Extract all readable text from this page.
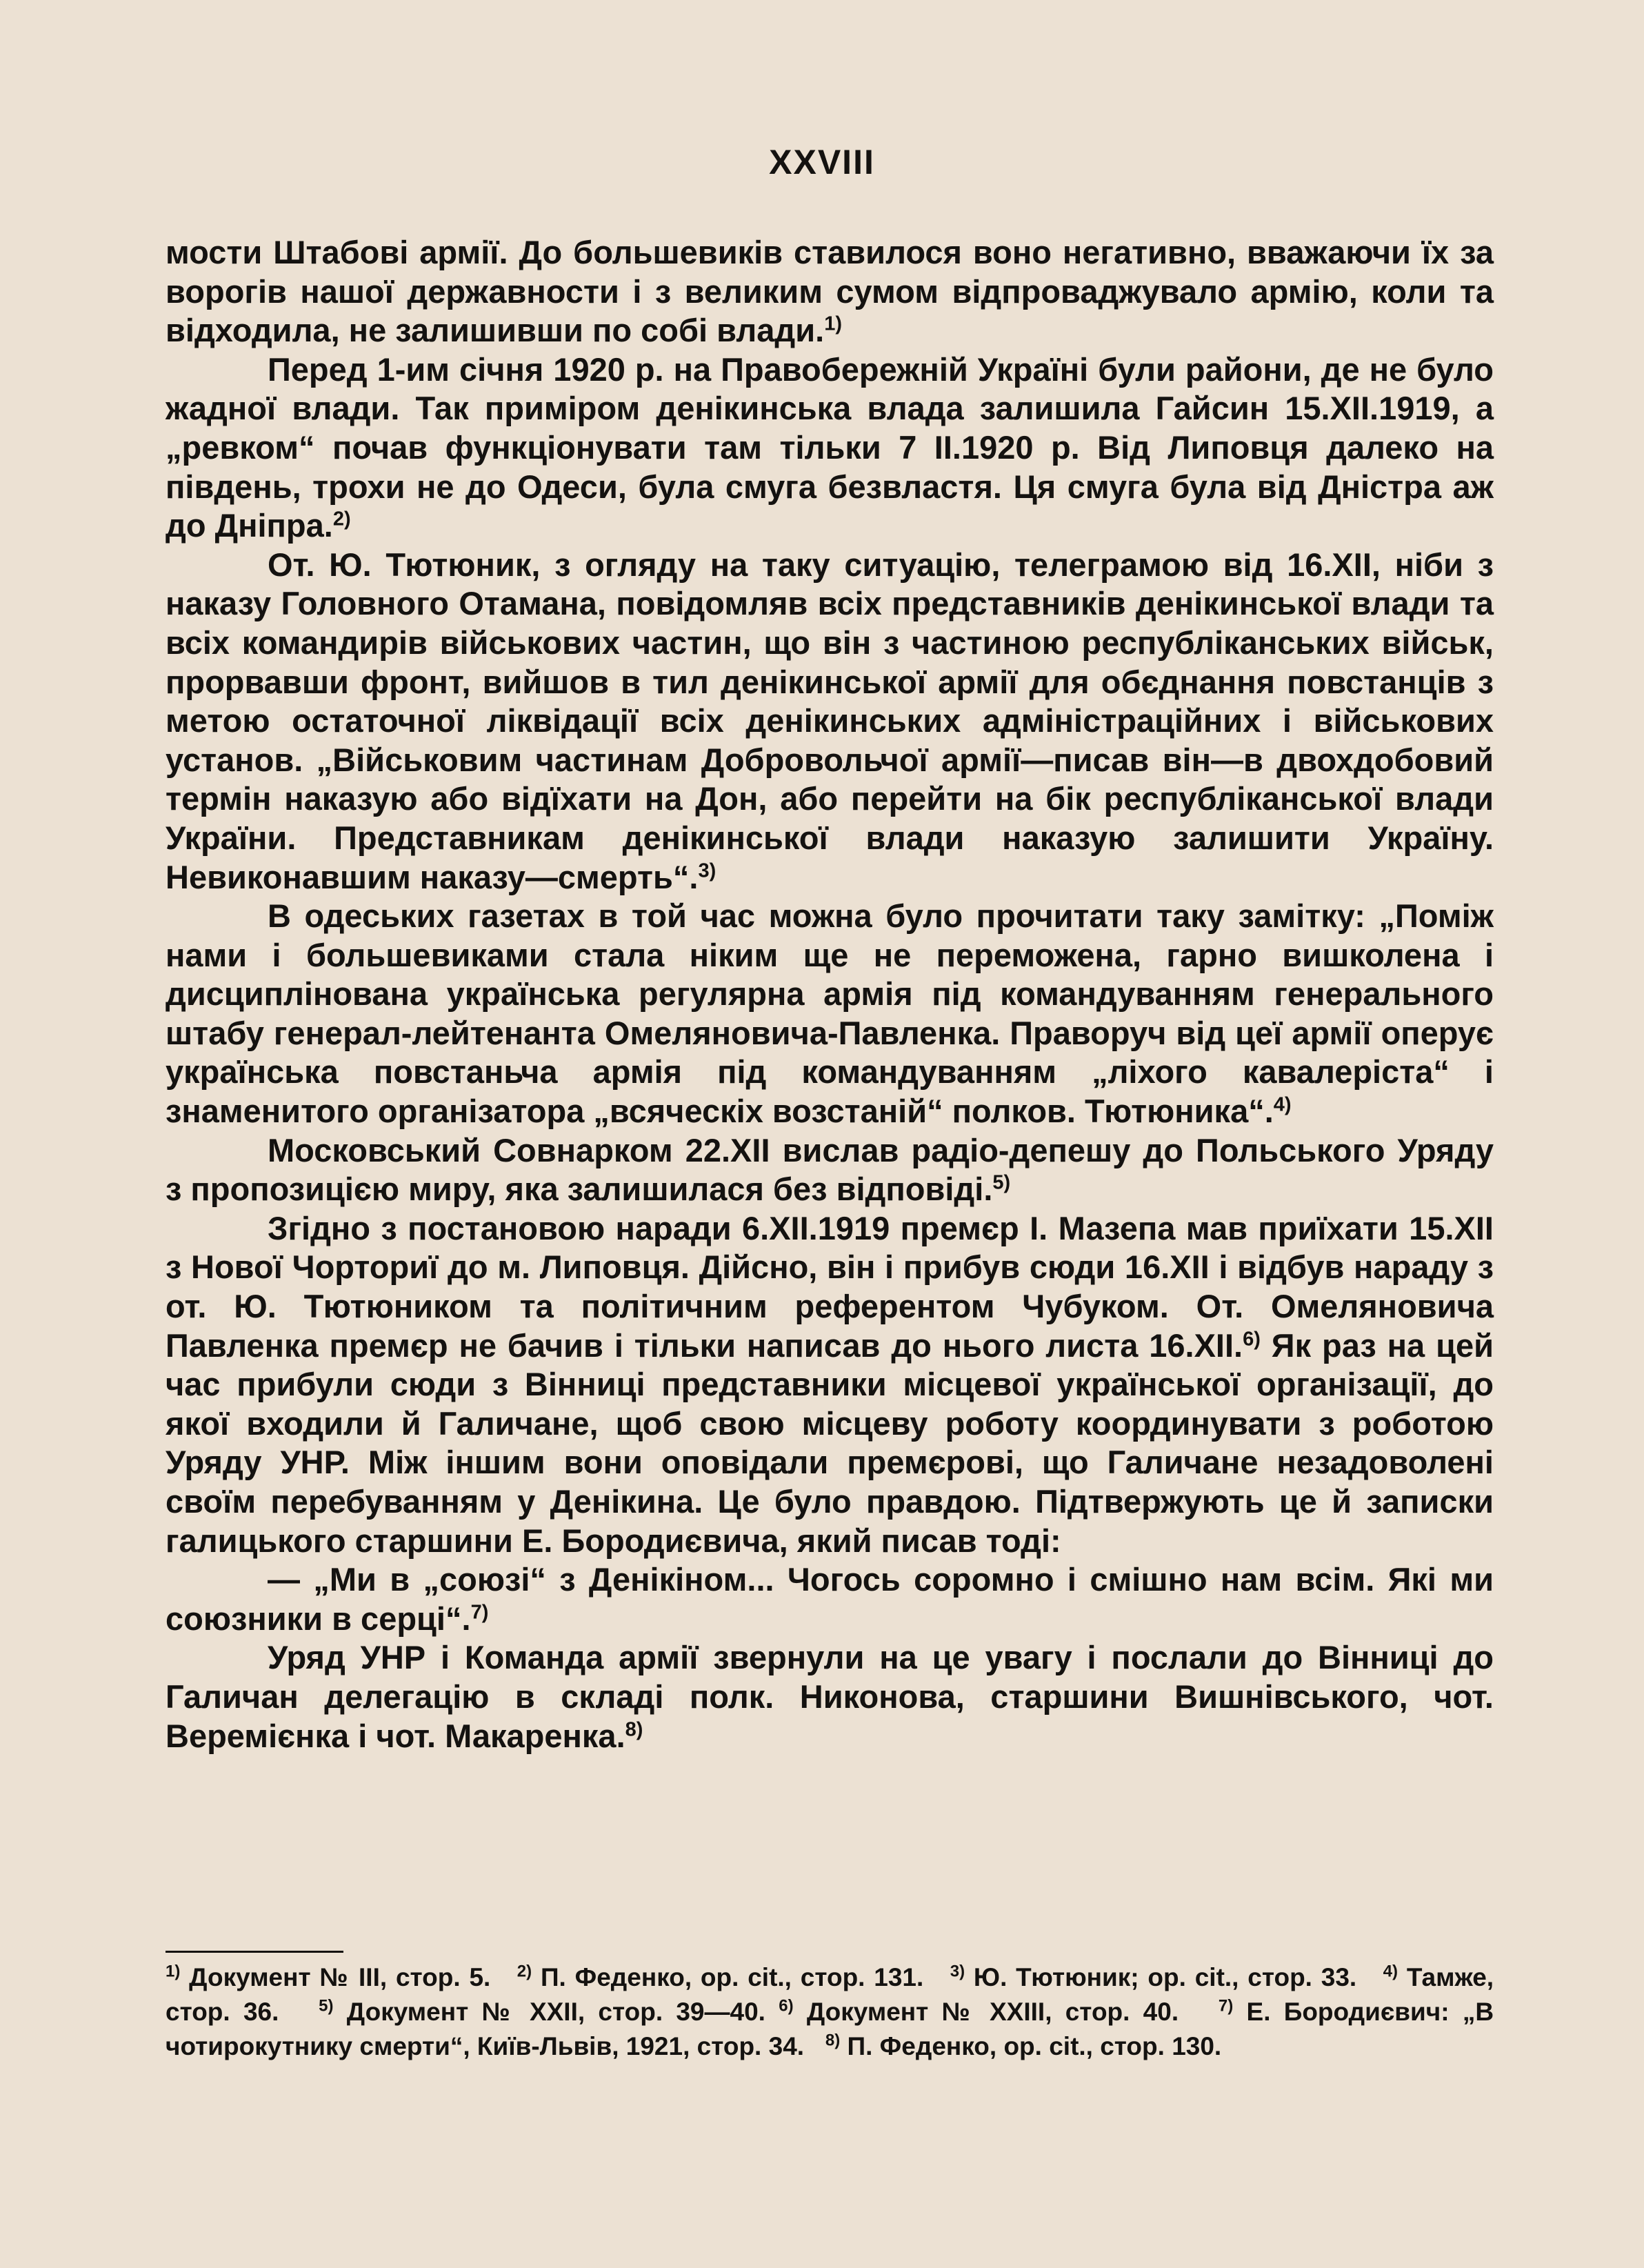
XXVIII

мости Штабові армії. До большевиків ставилося воно негативно, вважаючи їх за ворогів нашої державности і з великим сумом відпроваджувало армію, коли та відходила, не залишивши по собі влади.$^{1)}$

Перед 1-им січня 1920 р. на Правобережній Україні були райони, де не було жадної влади. Так приміром денікинська влада залишила Гайсин 15.XII.1919, а „ревком“ почав функціонувати там тільки 7 II.1920 р. Від Липовця далеко на південь, трохи не до Одеси, була смуга безвластя. Ця смуга була від Дністра аж до Дніпра.$^{2)}$

От. Ю. Тютюник, з огляду на таку ситуацію, телеграмою від 16.XII, ніби з наказу Головного Отамана, повідомляв всіх представників денікинської влади та всіх командирів військових частин, що він з частиною республіканських військ, прорвавши фронт, вийшов в тил денікинської армії для обєднання повстанців з метою остаточної ліквідації всіх денікинських адміністраційних і військових установ. „Військовим частинам Добровольчої армії—писав він—в двохдобовий термін наказую або відїхати на Дон, або перейти на бік республіканської влади України. Представникам денікинської влади наказую залишити Україну. Невиконавшим наказу—смерть“.$^{3)}$

В одеських газетах в той час можна було прочитати таку замітку: „Поміж нами і большевиками стала ніким ще не переможена, гарно вишколена і дисциплінована українська регулярна армія під командуванням генерального штабу генерал-лейтенанта Омеляновича-Павленка. Праворуч від цеї армії оперує українська повстаньча армія під командуванням „ліхого кавалеріста“ і знаменитого організатора „всяческіх возстаній“ полков. Тютюника“.$^{4)}$

Московський Совнарком 22.XII вислав радіо-депешу до Польського Уряду з пропозицією миру, яка залишилася без відповіді.$^{5)}$

Згідно з постановою наради 6.XII.1919 премєр І. Мазепа мав приїхати 15.XII з Нової Чорториї до м. Липовця. Дійсно, він і прибув сюди 16.XII і відбув нараду з от. Ю. Тютюником та політичним референтом Чубуком. От. Омеляновича Павленка премєр не бачив і тільки написав до нього листа 16.XII.$^{6)}$ Як раз на цей час прибули сюди з Вінниці представники місцевої української організації, до якої входили й Галичане, щоб свою місцеву роботу координувати з роботою Уряду УНР. Між іншим вони оповідали премєрові, що Галичане незадоволені своїм перебуванням у Денікина. Це було правдою. Підтвержують це й записки галицького старшини Е. Бородиєвича, який писав тоді:

— „Ми в „союзі“ з Денікіном... Чогось соромно і смішно нам всім. Які ми союзники в серці“.$^{7)}$

Уряд УНР і Команда армії звернули на це увагу і послали до Вінниці до Галичан делегацію в складі полк. Никонова, старшини Вишнівського, чот. Веремієнка і чот. Макаренка.$^{8)}$

$^{1)}$ Документ № III, стор. 5. $^{2)}$ П. Феденко, op. cit., стор. 131. $^{3)}$ Ю. Тютюник; op. cit., стор. 33. $^{4)}$ Тамже, стор. 36. $^{5)}$ Документ № XXII, стор. 39—40. $^{6)}$ Документ № XXIII, стор. 40. $^{7)}$ Е. Бородиєвич: „В чотирокутнику смерти“, Київ-Львів, 1921, стор. 34. $^{8)}$ П. Феденко, op. cit., стор. 130.
